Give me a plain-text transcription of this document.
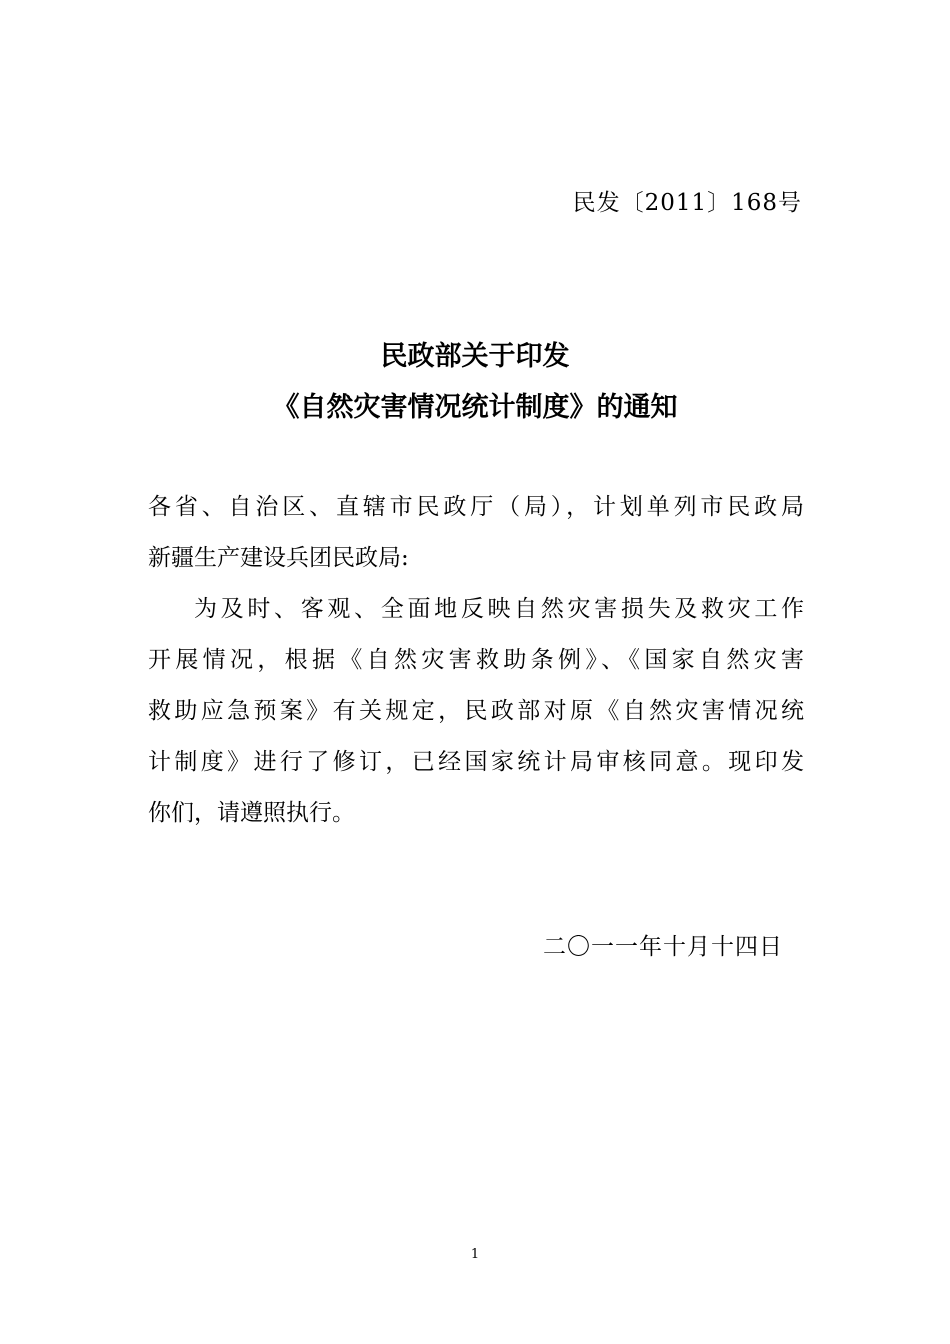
民发〔2011〕168号
民政部关于印发
《自然灾害情况统计制度》的通知
各省、自治区、直辖市民政厅（局），计划单列市民政局
新疆生产建设兵团民政局:
为及时、客观、全面地反映自然灾害损失及救灾工作
开展情况，根据《自然灾害救助条例》、《国家自然灾害
救助应急预案》有关规定，民政部对原《自然灾害情况统
计制度》进行了修订，已经国家统计局审核同意。现印发
你们，请遵照执行。
二〇一一年十月十四日
1
